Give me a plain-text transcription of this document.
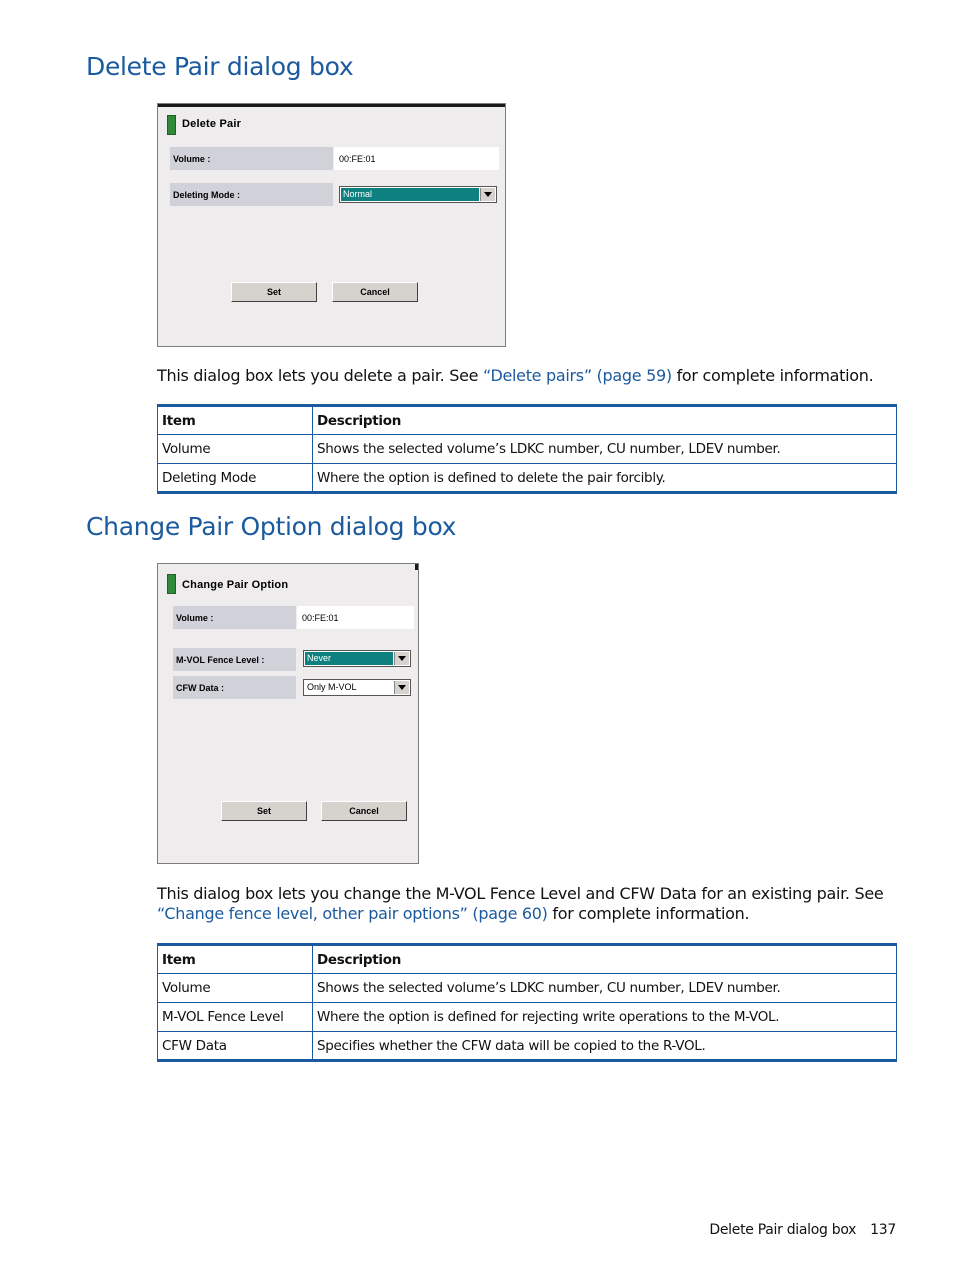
Delete Pair dialog box
Delete Pair
Volume :	00:FE:01
Deleting Mode :	Normal
Set	Cancel

This dialog box lets you delete a pair. See “Delete pairs” (page 59) for complete information.

Item	Description
Volume	Shows the selected volume’s LDKC number, CU number, LDEV number.
Deleting Mode	Where the option is defined to delete the pair forcibly.
Change Pair Option dialog box
Change Pair Option
Volume :	00:FE:01
M-VOL Fence Level :	Never
CFW Data :	Only M-VOL
Set	Cancel

This dialog box lets you change the M-VOL Fence Level and CFW Data for an existing pair. See
“Change fence level, other pair options” (page 60) for complete information.

Item	Description
Volume	Shows the selected volume’s LDKC number, CU number, LDEV number.
M-VOL Fence Level	Where the option is defined for rejecting write operations to the M-VOL.
CFW Data	Specifies whether the CFW data will be copied to the R-VOL.
Delete Pair dialog box 137
